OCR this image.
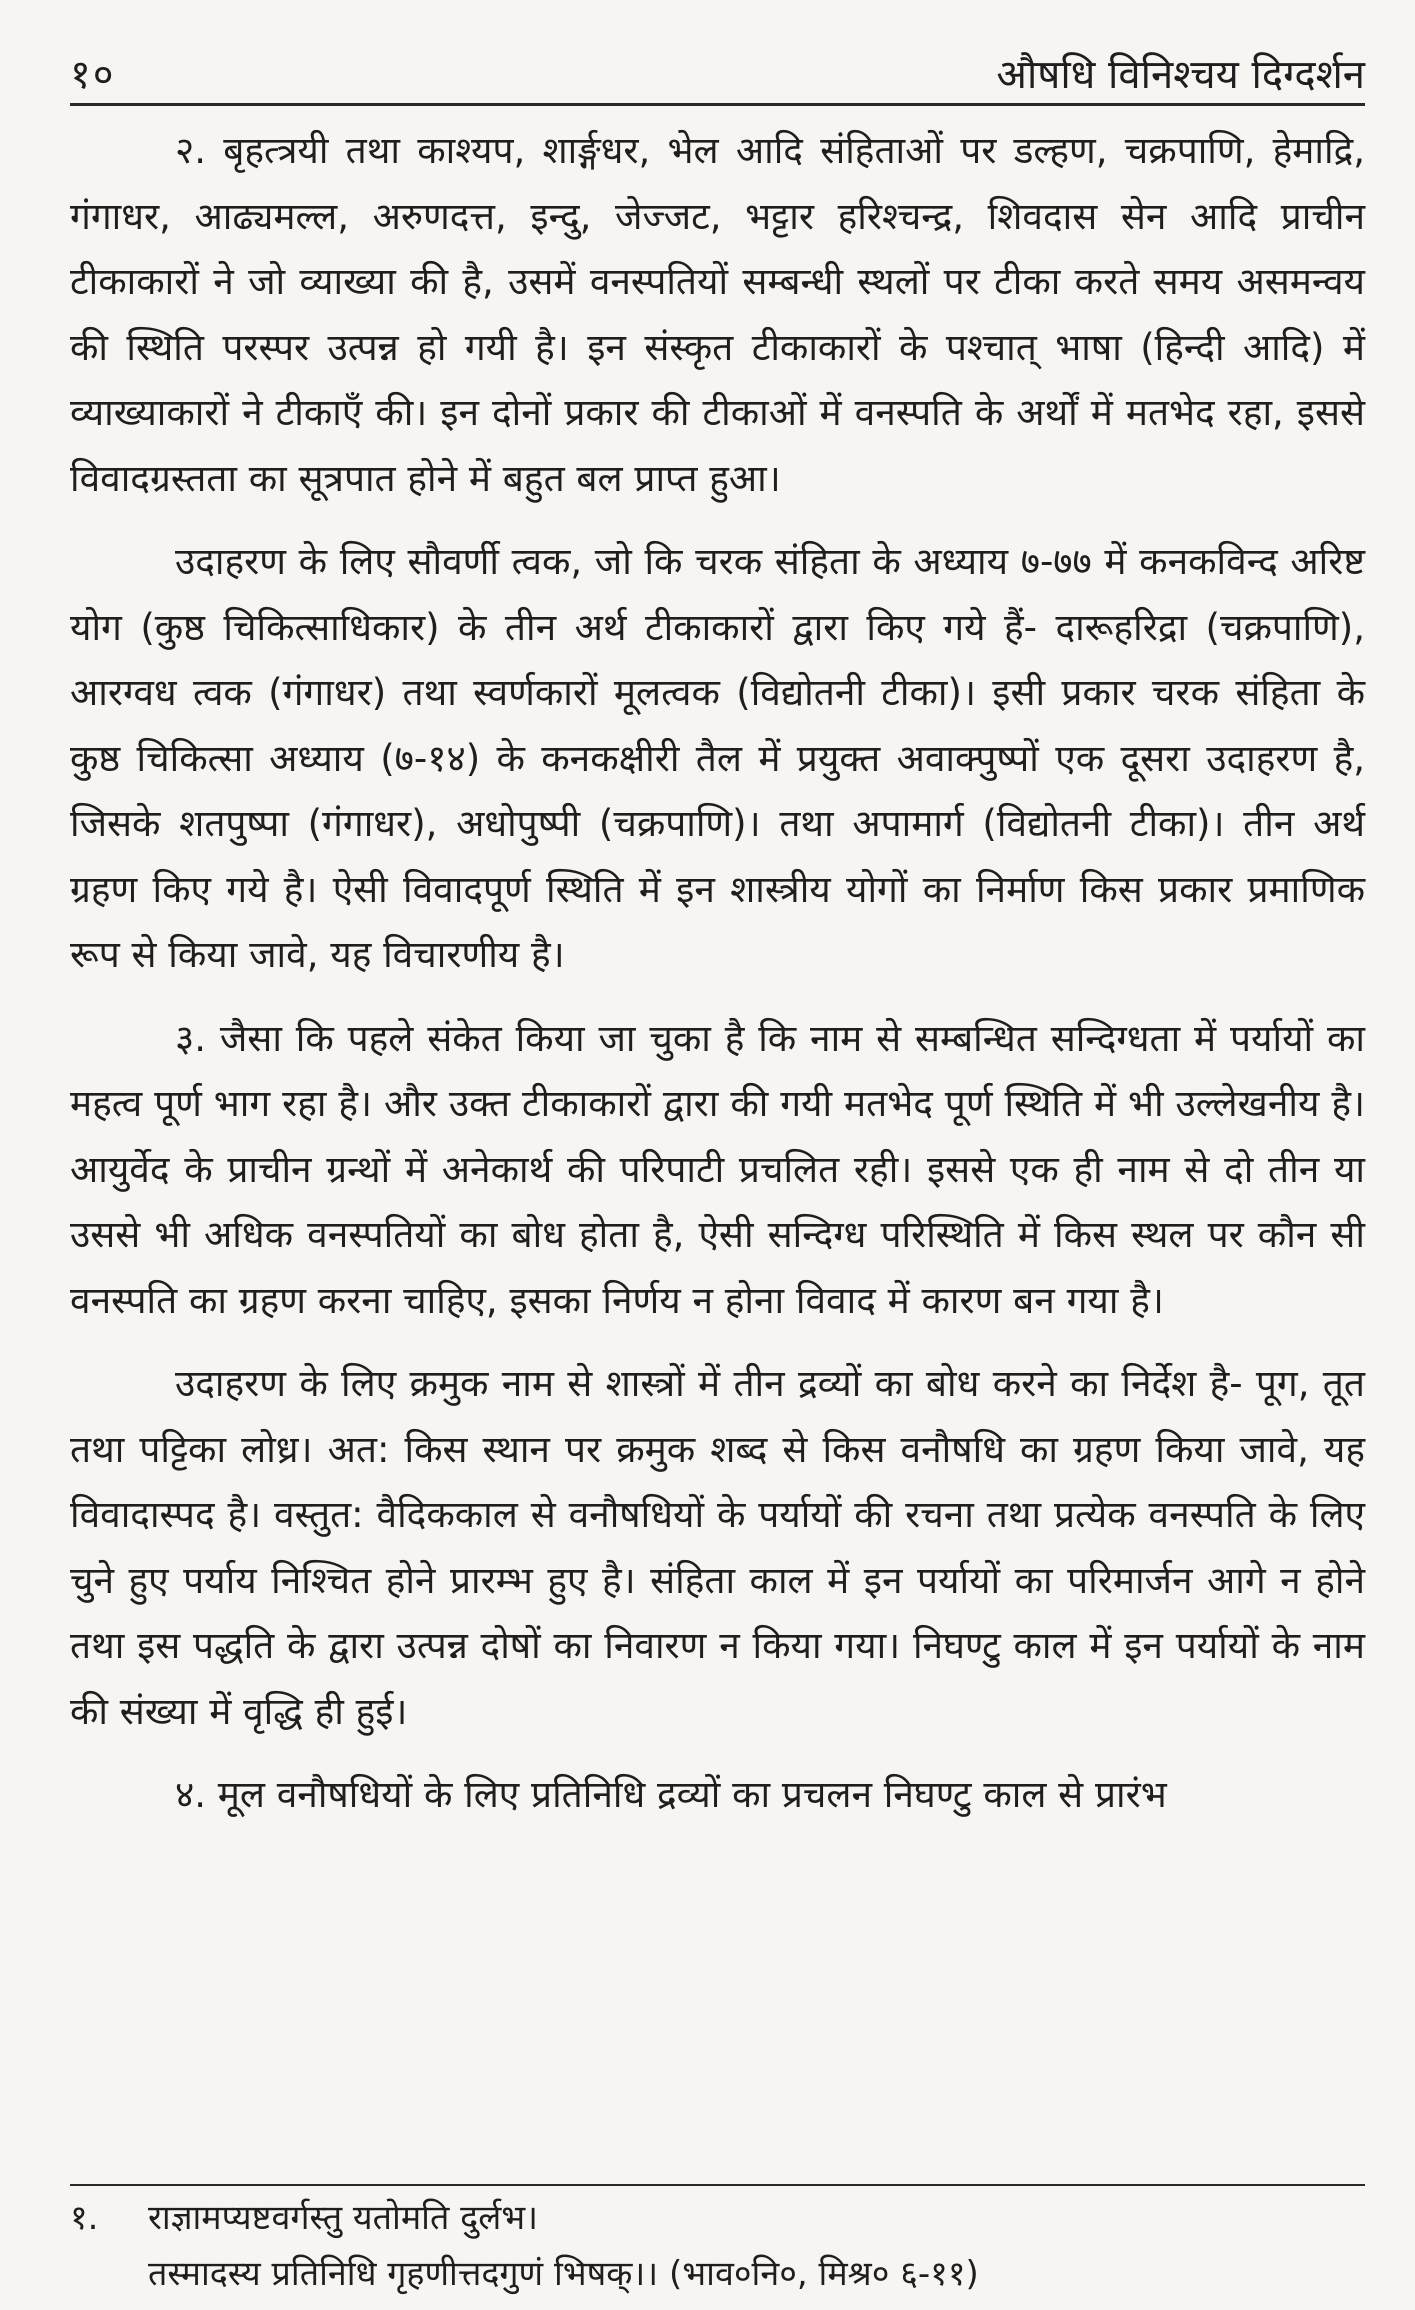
१०	औषधि विनिश्चय दिग्दर्शन

२. बृहत्त्रयी तथा काश्यप, शार्ङ्गधर, भेल आदि संहिताओं पर डल्हण, चक्रपाणि, हेमाद्रि, गंगाधर, आढ्यमल्ल, अरुणदत्त, इन्दु, जेज्जट, भट्टार हरिश्चन्द्र, शिवदास सेन आदि प्राचीन टीकाकारों ने जो व्याख्या की है, उसमें वनस्पतियों सम्बन्धी स्थलों पर टीका करते समय असमन्वय की स्थिति परस्पर उत्पन्न हो गयी है। इन संस्कृत टीकाकारों के पश्चात् भाषा (हिन्दी आदि) में व्याख्याकारों ने टीकाएँ की। इन दोनों प्रकार की टीकाओं में वनस्पति के अर्थों में मतभेद रहा, इससे विवादग्रस्तता का सूत्रपात होने में बहुत बल प्राप्त हुआ।

उदाहरण के लिए सौवर्णी त्वक, जो कि चरक संहिता के अध्याय ७-७७ में कनकविन्द अरिष्ट योग (कुष्ठ चिकित्साधिकार) के तीन अर्थ टीकाकारों द्वारा किए गये हैं- दारूहरिद्रा (चक्रपाणि), आरग्वध त्वक (गंगाधर) तथा स्वर्णकारों मूलत्वक (विद्योतनी टीका)। इसी प्रकार चरक संहिता के कुष्ठ चिकित्सा अध्याय (७-१४) के कनकक्षीरी तैल में प्रयुक्त अवाक्पुष्पों एक दूसरा उदाहरण है, जिसके शतपुष्पा (गंगाधर), अधोपुष्पी (चक्रपाणि)। तथा अपामार्ग (विद्योतनी टीका)। तीन अर्थ ग्रहण किए गये है। ऐसी विवादपूर्ण स्थिति में इन शास्त्रीय योगों का निर्माण किस प्रकार प्रमाणिक रूप से किया जावे, यह विचारणीय है।

३. जैसा कि पहले संकेत किया जा चुका है कि नाम से सम्बन्धित सन्दिग्धता में पर्यायों का महत्व पूर्ण भाग रहा है। और उक्त टीकाकारों द्वारा की गयी मतभेद पूर्ण स्थिति में भी उल्लेखनीय है। आयुर्वेद के प्राचीन ग्रन्थों में अनेकार्थ की परिपाटी प्रचलित रही। इससे एक ही नाम से दो तीन या उससे भी अधिक वनस्पतियों का बोध होता है, ऐसी सन्दिग्ध परिस्थिति में किस स्थल पर कौन सी वनस्पति का ग्रहण करना चाहिए, इसका निर्णय न होना विवाद में कारण बन गया है।

उदाहरण के लिए क्रमुक नाम से शास्त्रों में तीन द्रव्यों का बोध करने का निर्देश है- पूग, तूत तथा पट्टिका लोध्र। अत: किस स्थान पर क्रमुक शब्द से किस वनौषधि का ग्रहण किया जावे, यह विवादास्पद है। वस्तुत: वैदिककाल से वनौषधियों के पर्यायों की रचना तथा प्रत्येक वनस्पति के लिए चुने हुए पर्याय निश्चित होने प्रारम्भ हुए है। संहिता काल में इन पर्यायों का परिमार्जन आगे न होने तथा इस पद्धति के द्वारा उत्पन्न दोषों का निवारण न किया गया। निघण्टु काल में इन पर्यायों के नाम की संख्या में वृद्धि ही हुई।

४. मूल वनौषधियों के लिए प्रतिनिधि द्रव्यों का प्रचलन निघण्टु काल से प्रारंभ

१. राज्ञामप्यष्टवर्गस्तु यतोमति दुर्लभ।
तस्मादस्य प्रतिनिधि गृहणीत्तदगुणं भिषक्।। (भाव०नि०, मिश्र० ६-११)
